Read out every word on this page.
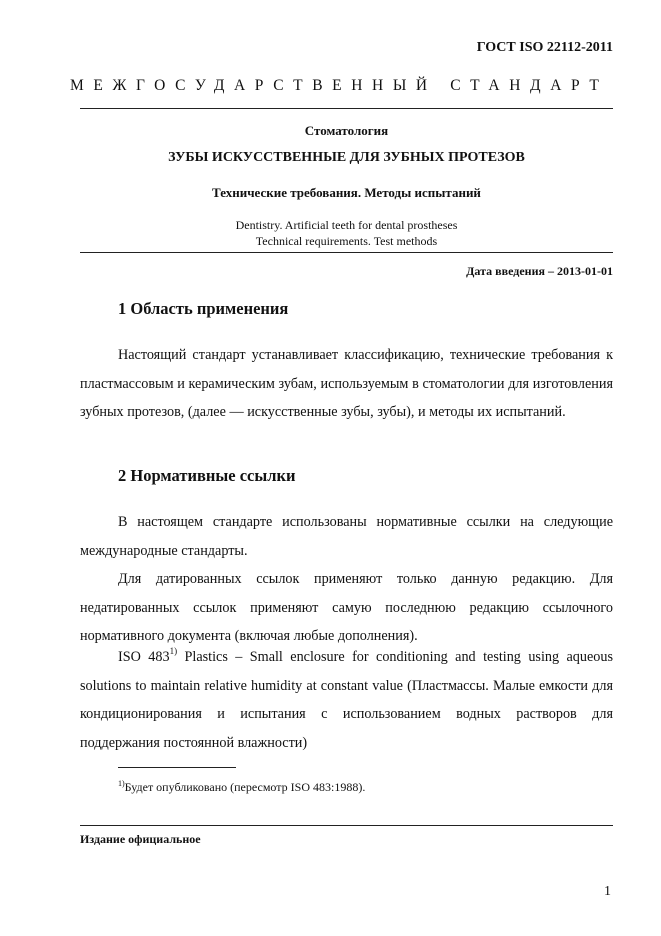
ГОСТ ISO 22112-2011
МЕЖГОСУДАРСТВЕННЫЙ СТАНДАРТ
Стоматология
ЗУБЫ ИСКУССТВЕННЫЕ ДЛЯ ЗУБНЫХ ПРОТЕЗОВ
Технические требования. Методы испытаний
Dentistry. Artificial teeth for dental prostheses
Technical requirements. Test methods
Дата введения – 2013-01-01
1 Область применения

Настоящий стандарт устанавливает классификацию, технические требования к пластмассовым и керамическим зубам, используемым в стоматологии для изготовления зубных протезов, (далее — искусственные зубы, зубы), и методы их испытаний.

2 Нормативные ссылки

В настоящем стандарте использованы нормативные ссылки на следующие международные стандарты.

Для датированных ссылок применяют только данную редакцию. Для недатированных ссылок применяют самую последнюю редакцию ссылочного нормативного документа (включая любые дополнения).

ISO 483$^{1)}$ Plastics – Small enclosure for conditioning and testing using aqueous solutions to maintain relative humidity at constant value (Пластмассы. Малые емкости для кондиционирования и испытания с использованием водных растворов для поддержания постоянной влажности)

$^{1)}$Будет опубликовано (пересмотр ISO 483:1988).
Издание официальное
1
